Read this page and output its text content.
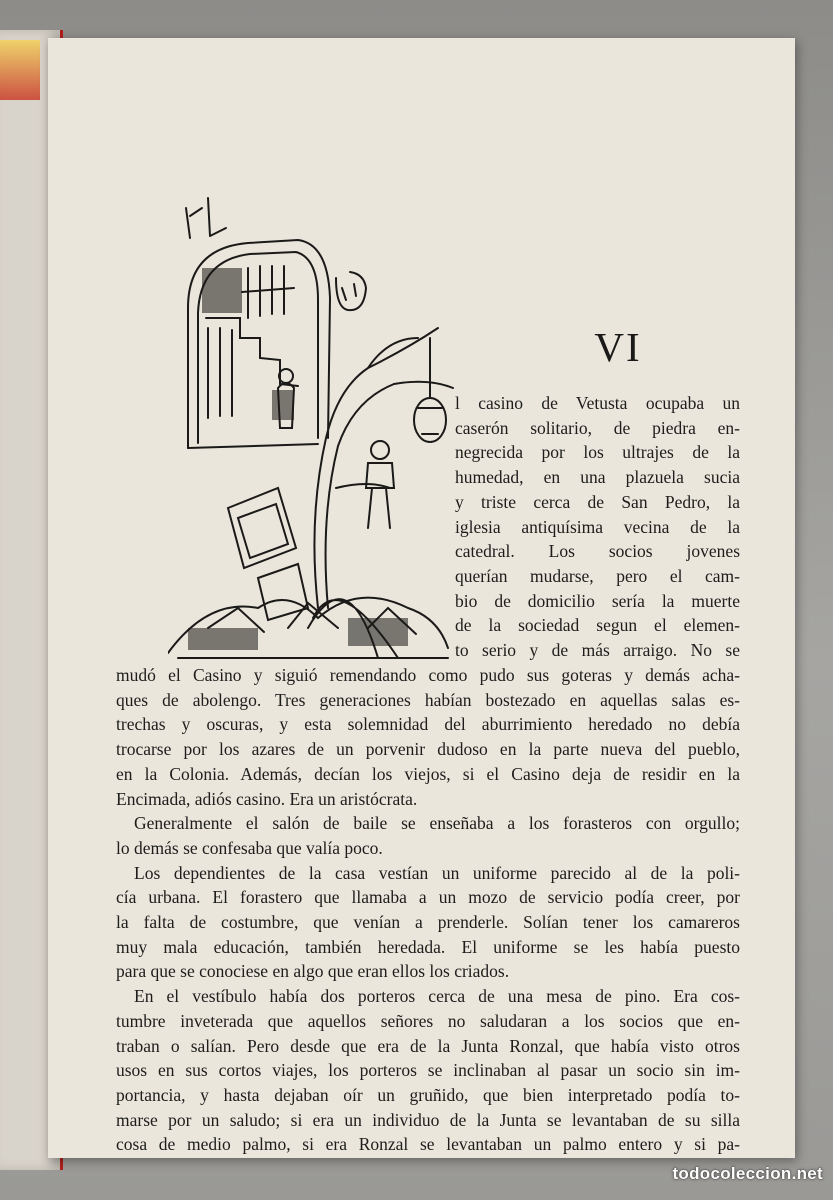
VI
l casino de Vetusta ocupaba un
caserón solitario, de piedra en-
negrecida por los ultrajes de la
humedad, en una plazuela sucia
y triste cerca de San Pedro, la
iglesia antiquísima vecina de la
catedral. Los socios jovenes
querían mudarse, pero el cam-
bio de domicilio sería la muerte
de la sociedad segun el elemen-
to serio y de más arraigo. No se
mudó el Casino y siguió remendando como pudo sus goteras y demás acha-
ques de abolengo. Tres generaciones habían bostezado en aquellas salas es-
trechas y oscuras, y esta solemnidad del aburrimiento heredado no debía
trocarse por los azares de un porvenir dudoso en la parte nueva del pueblo,
en la Colonia. Además, decían los viejos, si el Casino deja de residir en la
Encimada, adiós casino. Era un aristócrata.
Generalmente el salón de baile se enseñaba a los forasteros con orgullo;
lo demás se confesaba que valía poco.
Los dependientes de la casa vestían un uniforme parecido al de la poli-
cía urbana. El forastero que llamaba a un mozo de servicio podía creer, por
la falta de costumbre, que venían a prenderle. Solían tener los camareros
muy mala educación, también heredada. El uniforme se les había puesto
para que se conociese en algo que eran ellos los criados.
En el vestíbulo había dos porteros cerca de una mesa de pino. Era cos-
tumbre inveterada que aquellos señores no saludaran a los socios que en-
traban o salían. Pero desde que era de la Junta Ronzal, que había visto otros
usos en sus cortos viajes, los porteros se inclinaban al pasar un socio sin im-
portancia, y hasta dejaban oír un gruñido, que bien interpretado podía to-
marse por un saludo; si era un individuo de la Junta se levantaban de su silla
cosa de medio palmo, si era Ronzal se levantaban un palmo entero y si pa-
todocoleccion.net
